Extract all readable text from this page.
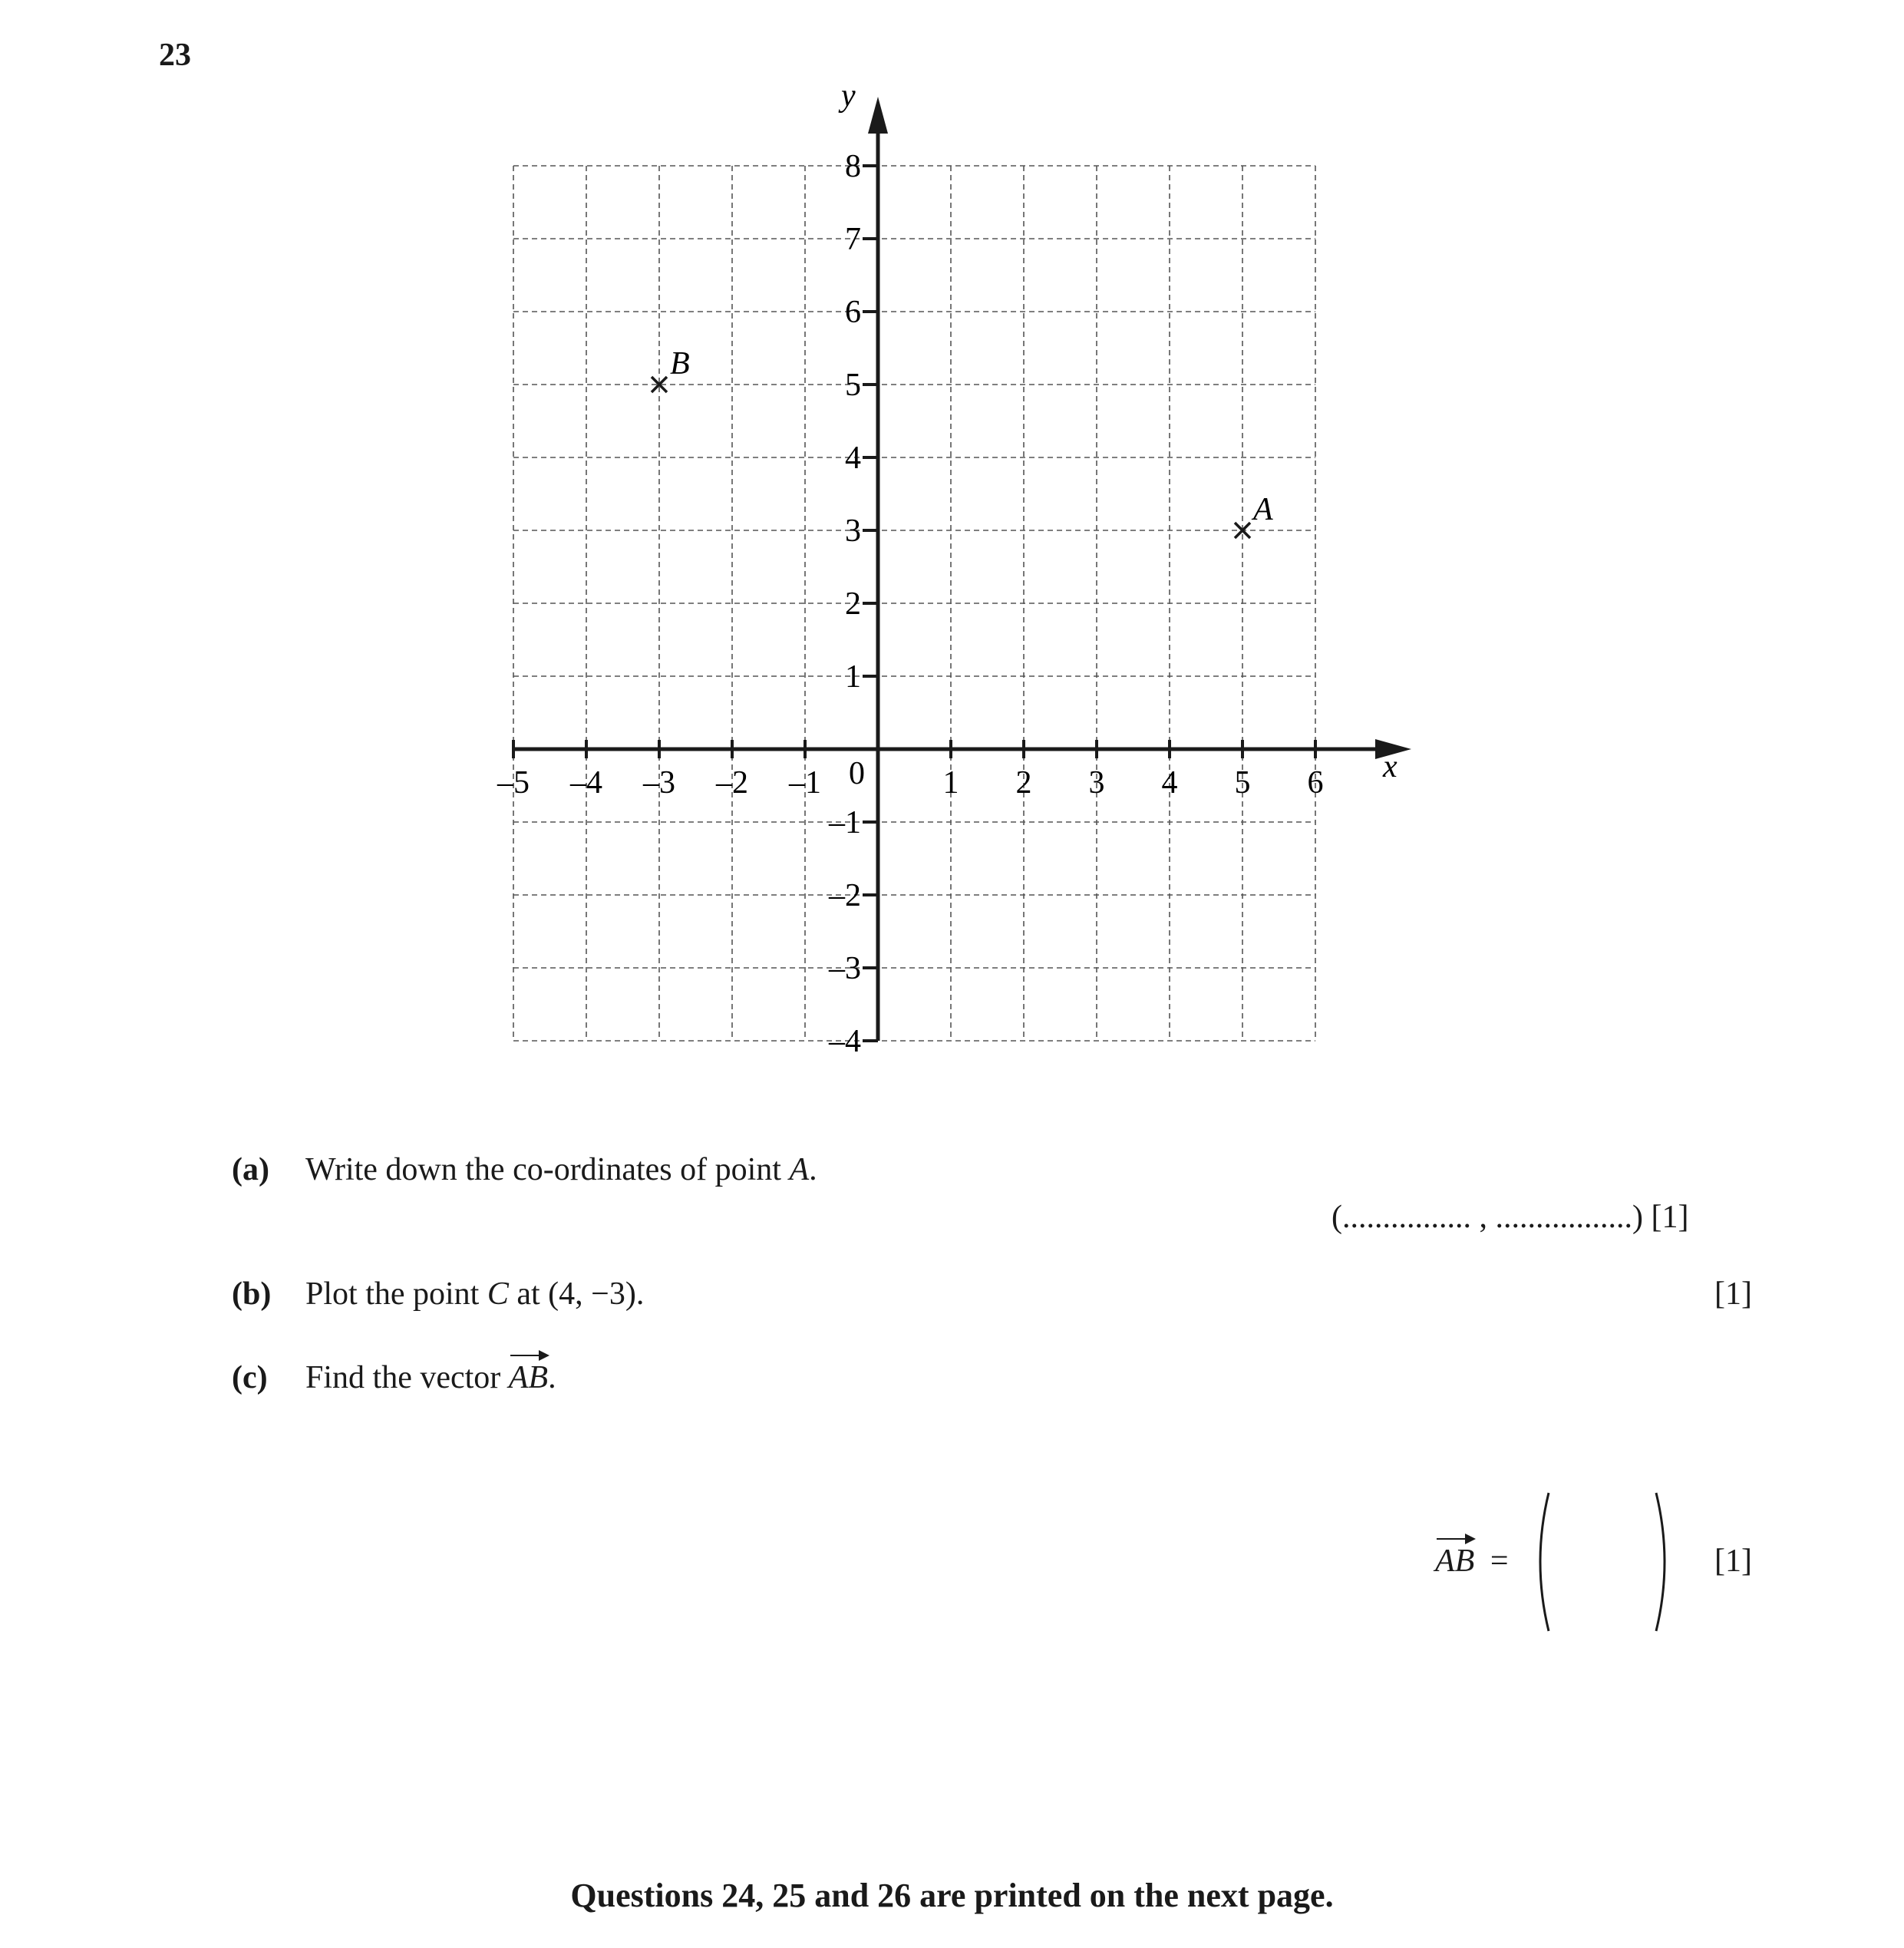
23
x
y
0
–5 –4 –3 –2 –1	1 2 3 4 5 6
8
7
6
5
4
3
2
1
–1
–2
–3
–4
B
A
(a) Write down the co-ordinates of point A.
(................ , .................) [1]
(b) Plot the point C at (4, −3).	[1]
(c) Find the vector AB.
AB =	[1]
Questions 24, 25 and 26 are printed on the next page.
